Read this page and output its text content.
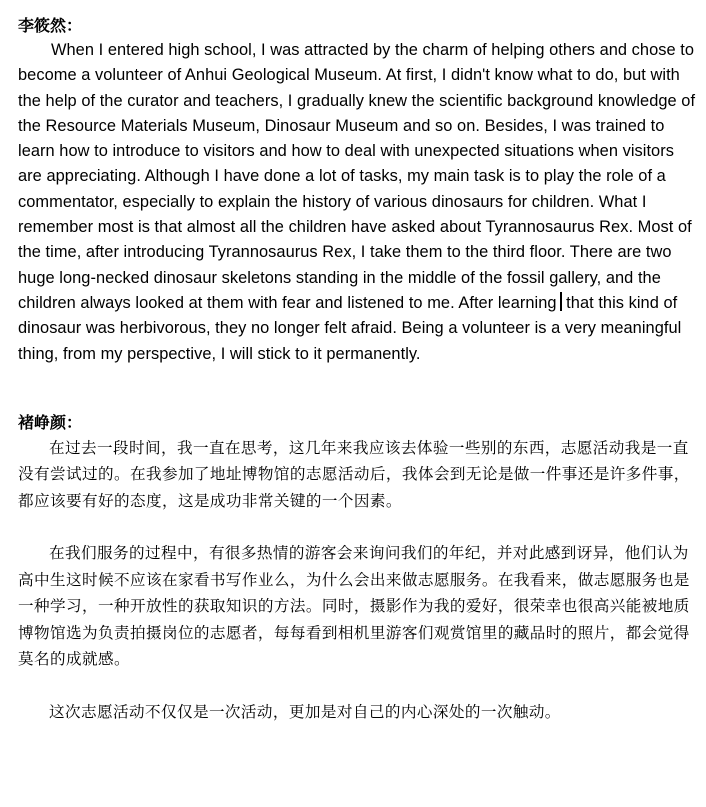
李筱然：

When I entered high school, I was attracted by the charm of helping others and chose to become a volunteer of Anhui Geological Museum. At first, I didn't know what to do, but with the help of the curator and teachers, I gradually knew the scientific background knowledge of the Resource Materials Museum, Dinosaur Museum and so on. Besides, I was trained to learn how to introduce to visitors and how to deal with unexpected situations when visitors are appreciating. Although I have done a lot of tasks, my main task is to play the role of a commentator, especially to explain the history of various dinosaurs for children. What I remember most is that almost all the children have asked about Tyrannosaurus Rex. Most of the time, after introducing Tyrannosaurus Rex, I take them to the third floor. There are two huge long-necked dinosaur skeletons standing in the middle of the fossil gallery, and the children always looked at them with fear and listened to me. After learning that this kind of dinosaur was herbivorous, they no longer felt afraid. Being a volunteer is a very meaningful thing, from my perspective, I will stick to it permanently.

褚峥颜：

在过去一段时间，我一直在思考，这几年来我应该去体验一些别的东西，志愿活动我是一直没有尝试过的。在我参加了地址博物馆的志愿活动后，我体会到无论是做一件事还是许多件事，都应该要有好的态度，这是成功非常关键的一个因素。

在我们服务的过程中，有很多热情的游客会来询问我们的年纪，并对此感到讶异，他们认为高中生这时候不应该在家看书写作业么，为什么会出来做志愿服务。在我看来，做志愿服务也是一种学习，一种开放性的获取知识的方法。同时，摄影作为我的爱好，很荣幸也很高兴能被地质博物馆选为负责拍摄岗位的志愿者，每每看到相机里游客们观赏馆里的藏品时的照片，都会觉得莫名的成就感。

这次志愿活动不仅仅是一次活动，更加是对自己的内心深处的一次触动。
